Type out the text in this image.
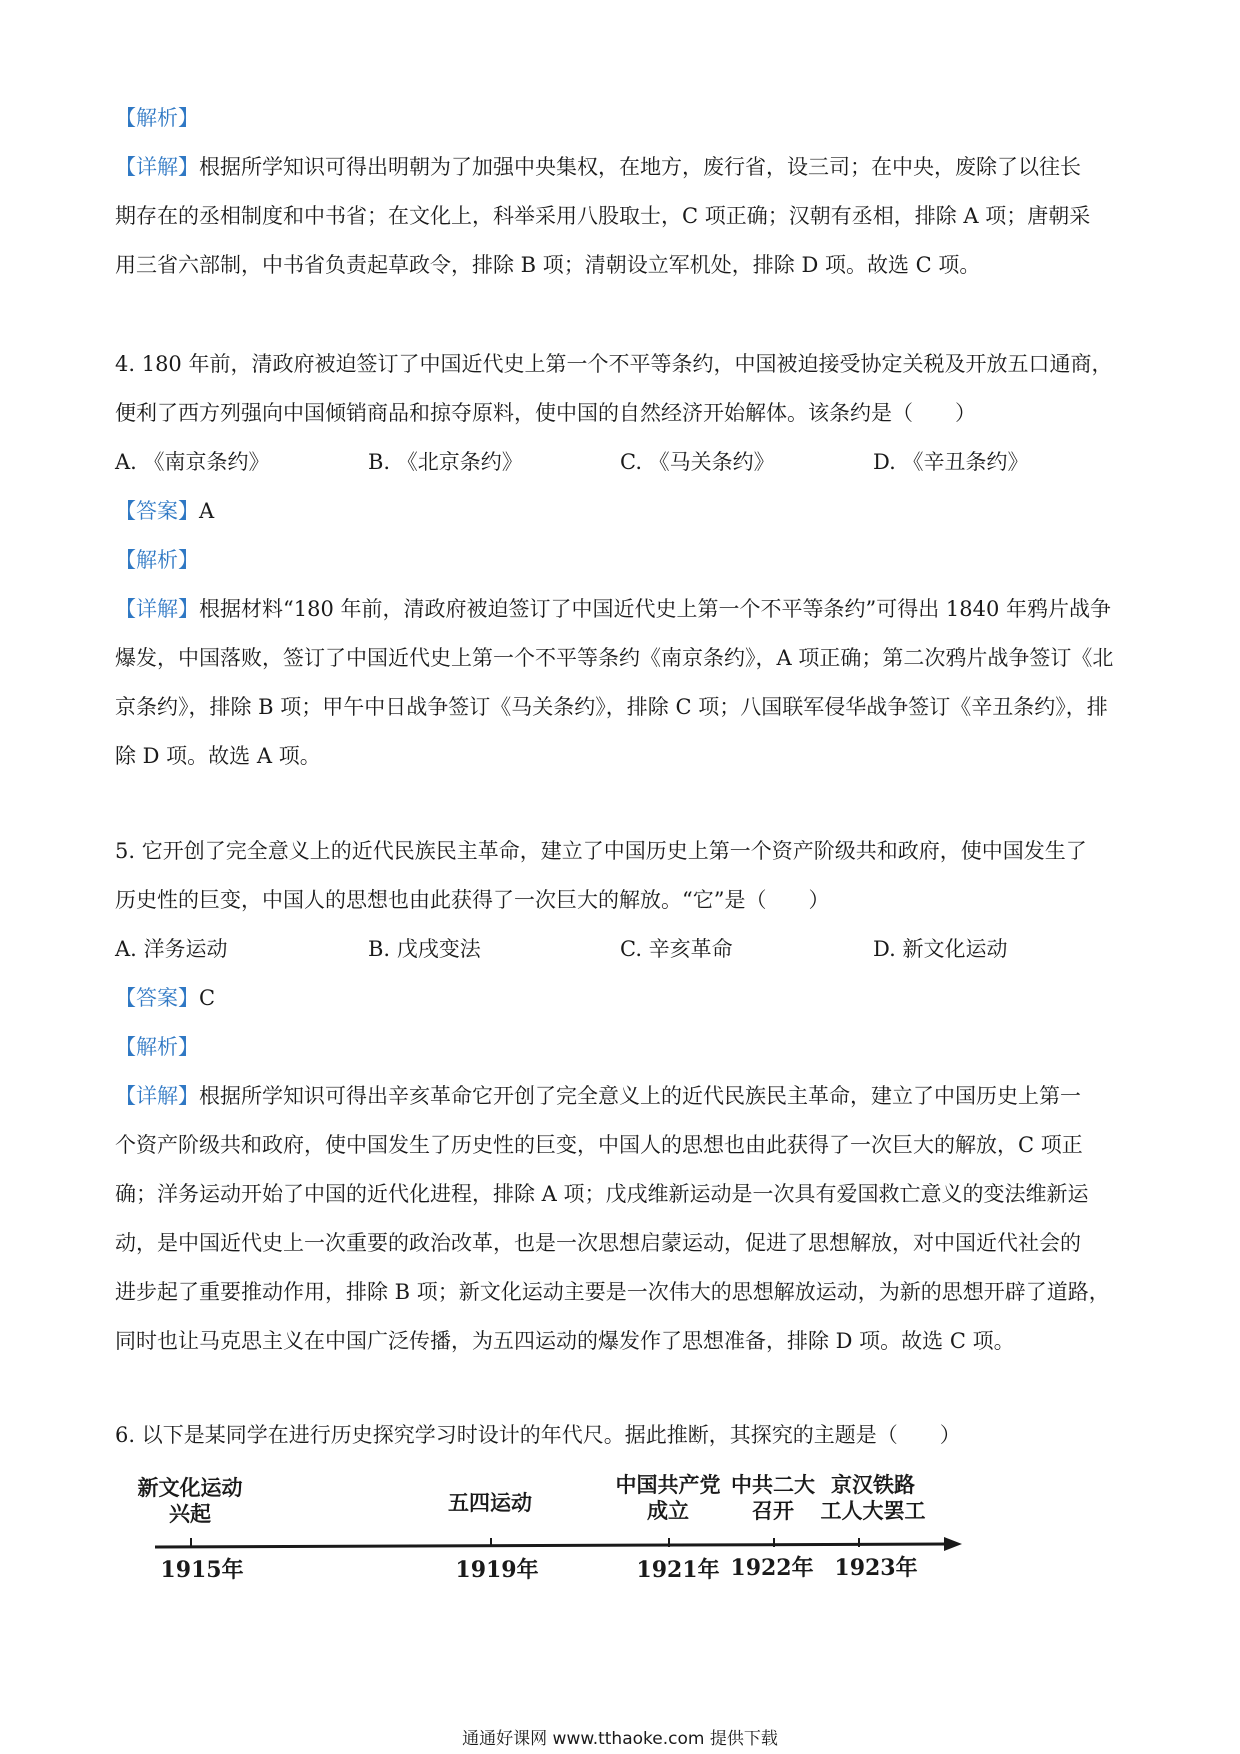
【解析】
【详解】根据所学知识可得出明朝为了加强中央集权，在地方，废行省，设三司；在中央，废除了以往长
期存在的丞相制度和中书省；在文化上，科举采用八股取士，C 项正确；汉朝有丞相，排除 A 项；唐朝采
用三省六部制，中书省负责起草政令，排除 B 项；清朝设立军机处，排除 D 项。故选 C 项。
4. 180 年前，清政府被迫签订了中国近代史上第一个不平等条约，中国被迫接受协定关税及开放五口通商，
便利了西方列强向中国倾销商品和掠夺原料，使中国的自然经济开始解体。该条约是（　　）
A. 《南京条约》	B. 《北京条约》	C. 《马关条约》	D. 《辛丑条约》
【答案】A
【解析】
【详解】根据材料“180 年前，清政府被迫签订了中国近代史上第一个不平等条约”可得出 1840 年鸦片战争
爆发，中国落败，签订了中国近代史上第一个不平等条约《南京条约》，A 项正确；第二次鸦片战争签订《北
京条约》，排除 B 项；甲午中日战争签订《马关条约》，排除 C 项；八国联军侵华战争签订《辛丑条约》，排
除 D 项。故选 A 项。
5. 它开创了完全意义上的近代民族民主革命，建立了中国历史上第一个资产阶级共和政府，使中国发生了
历史性的巨变，中国人的思想也由此获得了一次巨大的解放。“它”是（　　）
A. 洋务运动	B. 戊戌变法	C. 辛亥革命	D. 新文化运动
【答案】C
【解析】
【详解】根据所学知识可得出辛亥革命它开创了完全意义上的近代民族民主革命，建立了中国历史上第一
个资产阶级共和政府，使中国发生了历史性的巨变，中国人的思想也由此获得了一次巨大的解放，C 项正
确；洋务运动开始了中国的近代化进程，排除 A 项；戊戌维新运动是一次具有爱国救亡意义的变法维新运
动，是中国近代史上一次重要的政治改革，也是一次思想启蒙运动，促进了思想解放，对中国近代社会的
进步起了重要推动作用，排除 B 项；新文化运动主要是一次伟大的思想解放运动，为新的思想开辟了道路，
同时也让马克思主义在中国广泛传播，为五四运动的爆发作了思想准备，排除 D 项。故选 C 项。
6. 以下是某同学在进行历史探究学习时设计的年代尺。据此推断，其探究的主题是（　　）
新文化运动
兴起	五四运动
中国共产党
成立
中共二大
召开
京汉铁路
工人大罢工
1915年	1919年	1921年 1922年 1923年
通通好课网 www.tthaoke.com 提供下载
